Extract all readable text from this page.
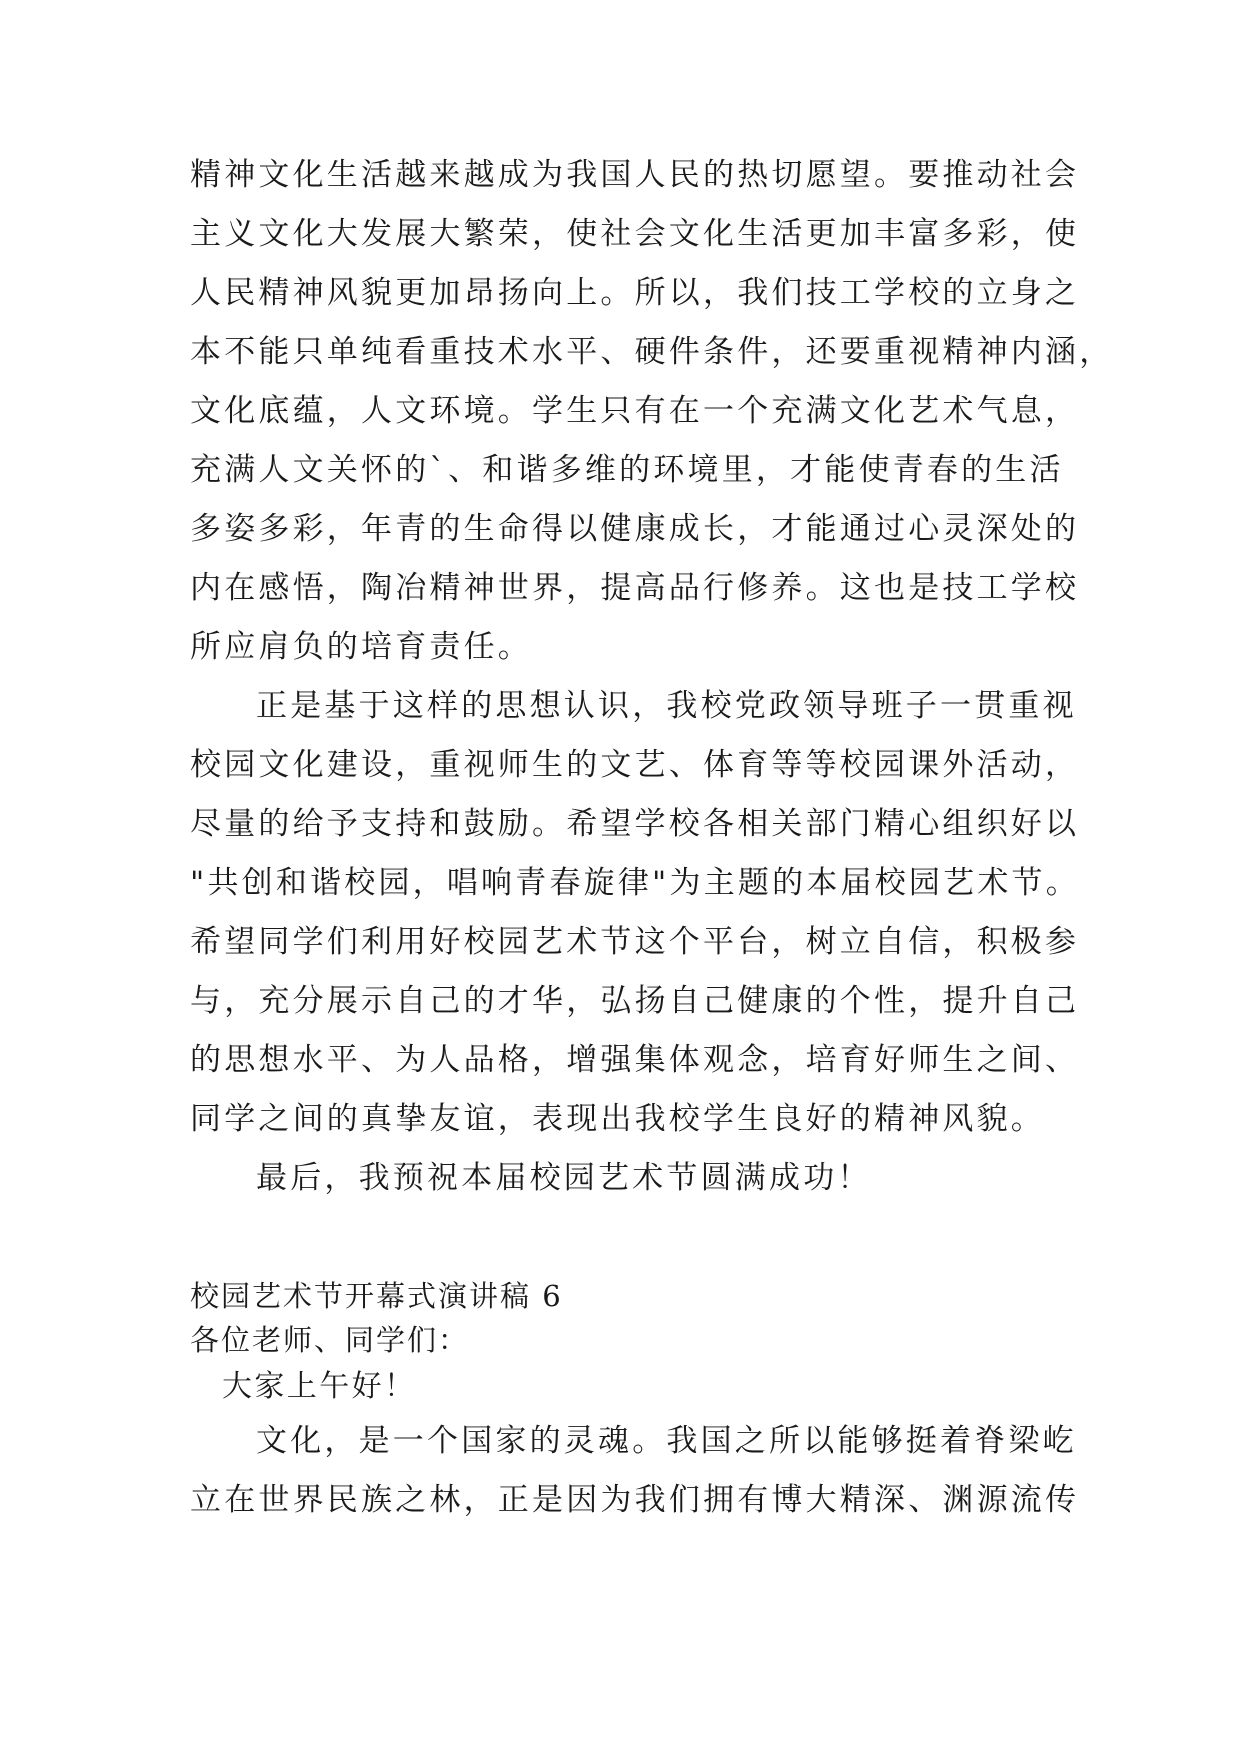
精神文化生活越来越成为我国人民的热切愿望。要推动社会
主义文化大发展大繁荣，使社会文化生活更加丰富多彩，使
人民精神风貌更加昂扬向上。所以，我们技工学校的立身之
本不能只单纯看重技术水平、硬件条件，还要重视精神内涵，
文化底蕴，人文环境。学生只有在一个充满文化艺术气息，
充满人文关怀的`、和谐多维的环境里，才能使青春的生活
多姿多彩，年青的生命得以健康成长，才能通过心灵深处的
内在感悟，陶冶精神世界，提高品行修养。这也是技工学校
所应肩负的培育责任。
正是基于这样的思想认识，我校党政领导班子一贯重视
校园文化建设，重视师生的文艺、体育等等校园课外活动，
尽量的给予支持和鼓励。希望学校各相关部门精心组织好以
"共创和谐校园，唱响青春旋律"为主题的本届校园艺术节。
希望同学们利用好校园艺术节这个平台，树立自信，积极参
与，充分展示自己的才华，弘扬自己健康的个性，提升自己
的思想水平、为人品格，增强集体观念，培育好师生之间、
同学之间的真挚友谊，表现出我校学生良好的精神风貌。
最后，我预祝本届校园艺术节圆满成功！
校园艺术节开幕式演讲稿 6
各位老师、同学们：
大家上午好！
文化，是一个国家的灵魂。我国之所以能够挺着脊梁屹
立在世界民族之林，正是因为我们拥有博大精深、渊源流传
